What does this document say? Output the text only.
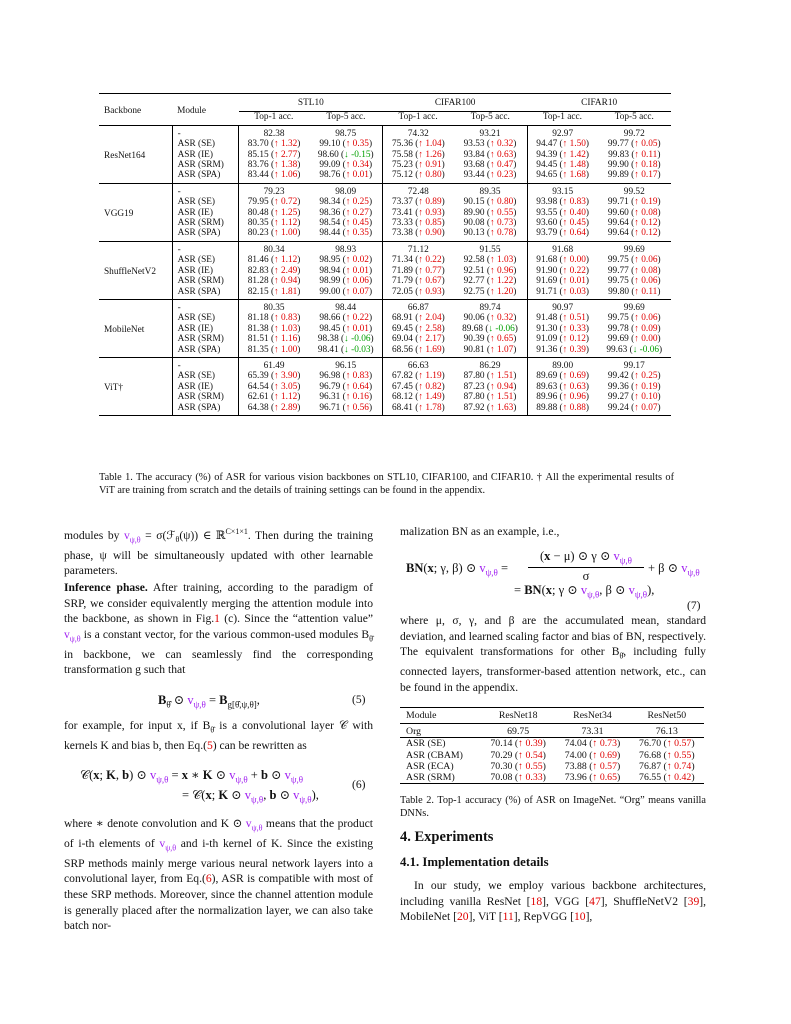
Backbone	Module	STL10		CIFAR100		CIFAR10	
		Top-1 acc.	Top-5 acc.	Top-1 acc.	Top-5 acc.	Top-1 acc.	Top-5 acc.
ResNet164	-	82.38	98.75	74.32	93.21	92.97	99.72
	ASR (SE)	83.70 (↑ 1.32)	99.10 (↑ 0.35)	75.36 (↑ 1.04)	93.53 (↑ 0.32)	94.47 (↑ 1.50)	99.77 (↑ 0.05)
	ASR (IE)	85.15 (↑ 2.77)	98.60 (↓ -0.15)	75.58 (↑ 1.26)	93.84 (↑ 0.63)	94.39 (↑ 1.42)	99.83 (↑ 0.11)
	ASR (SRM)	83.76 (↑ 1.38)	99.09 (↑ 0.34)	75.23 (↑ 0.91)	93.68 (↑ 0.47)	94.45 (↑ 1.48)	99.90 (↑ 0.18)
	ASR (SPA)	83.44 (↑ 1.06)	98.76 (↑ 0.01)	75.12 (↑ 0.80)	93.44 (↑ 0.23)	94.65 (↑ 1.68)	99.89 (↑ 0.17)
VGG19	-	79.23	98.09	72.48	89.35	93.15	99.52
	ASR (SE)	79.95 (↑ 0.72)	98.34 (↑ 0.25)	73.37 (↑ 0.89)	90.15 (↑ 0.80)	93.98 (↑ 0.83)	99.71 (↑ 0.19)
	ASR (IE)	80.48 (↑ 1.25)	98.36 (↑ 0.27)	73.41 (↑ 0.93)	89.90 (↑ 0.55)	93.55 (↑ 0.40)	99.60 (↑ 0.08)
	ASR (SRM)	80.35 (↑ 1.12)	98.54 (↑ 0.45)	73.33 (↑ 0.85)	90.08 (↑ 0.73)	93.60 (↑ 0.45)	99.64 (↑ 0.12)
	ASR (SPA)	80.23 (↑ 1.00)	98.44 (↑ 0.35)	73.38 (↑ 0.90)	90.13 (↑ 0.78)	93.79 (↑ 0.64)	99.64 (↑ 0.12)
ShuffleNetV2	-	80.34	98.93	71.12	91.55	91.68	99.69
	ASR (SE)	81.46 (↑ 1.12)	98.95 (↑ 0.02)	71.34 (↑ 0.22)	92.58 (↑ 1.03)	91.68 (↑ 0.00)	99.75 (↑ 0.06)
	ASR (IE)	82.83 (↑ 2.49)	98.94 (↑ 0.01)	71.89 (↑ 0.77)	92.51 (↑ 0.96)	91.90 (↑ 0.22)	99.77 (↑ 0.08)
	ASR (SRM)	81.28 (↑ 0.94)	98.99 (↑ 0.06)	71.79 (↑ 0.67)	92.77 (↑ 1.22)	91.69 (↑ 0.01)	99.75 (↑ 0.06)
	ASR (SPA)	82.15 (↑ 1.81)	99.00 (↑ 0.07)	72.05 (↑ 0.93)	92.75 (↑ 1.20)	91.71 (↑ 0.03)	99.80 (↑ 0.11)
MobileNet	-	80.35	98.44	66.87	89.74	90.97	99.69
	ASR (SE)	81.18 (↑ 0.83)	98.66 (↑ 0.22)	68.91 (↑ 2.04)	90.06 (↑ 0.32)	91.48 (↑ 0.51)	99.75 (↑ 0.06)
	ASR (IE)	81.38 (↑ 1.03)	98.45 (↑ 0.01)	69.45 (↑ 2.58)	89.68 (↓ -0.06)	91.30 (↑ 0.33)	99.78 (↑ 0.09)
	ASR (SRM)	81.51 (↑ 1.16)	98.38 (↓ -0.06)	69.04 (↑ 2.17)	90.39 (↑ 0.65)	91.09 (↑ 0.12)	99.69 (↑ 0.00)
	ASR (SPA)	81.35 (↑ 1.00)	98.41 (↓ -0.03)	68.56 (↑ 1.69)	90.81 (↑ 1.07)	91.36 (↑ 0.39)	99.63 (↓ -0.06)
ViT†	-	61.49	96.15	66.63	86.29	89.00	99.17
	ASR (SE)	65.39 (↑ 3.90)	96.98 (↑ 0.83)	67.82 (↑ 1.19)	87.80 (↑ 1.51)	89.69 (↑ 0.69)	99.42 (↑ 0.25)
	ASR (IE)	64.54 (↑ 3.05)	96.79 (↑ 0.64)	67.45 (↑ 0.82)	87.23 (↑ 0.94)	89.63 (↑ 0.63)	99.36 (↑ 0.19)
	ASR (SRM)	62.61 (↑ 1.12)	96.31 (↑ 0.16)	68.12 (↑ 1.49)	87.80 (↑ 1.51)	89.96 (↑ 0.96)	99.27 (↑ 0.10)
	ASR (SPA)	64.38 (↑ 2.89)	96.71 (↑ 0.56)	68.41 (↑ 1.78)	87.92 (↑ 1.63)	89.88 (↑ 0.88)	99.24 (↑ 0.07)
Table 1. The accuracy (%) of ASR for various vision backbones on STL10, CIFAR100, and CIFAR10. † All the experimental results of ViT are training from scratch and the details of training settings can be found in the appendix.
modules by $v_{\psi,\theta}$ = σ(ℱ$_\theta$(ψ)) ∈ ℝ$^{C\times 1\times 1}$. Then during the training phase, ψ will be simultaneously updated with other learnable parameters.
Inference phase. After training, according to the paradigm of SRP, we consider equivalently merging the attention module into the backbone, as shown in Fig.1 (c). Since the “attention value” $v_{\psi,\theta}$ is a constant vector, for the various common-used modules $B_{\thetâ}$ in backbone, we can seamlessly find the corresponding transformation g such that
$B_{\thetâ}$ ⊙ $v_{\psi,\theta} = B_{g[\thetâ,\psi,\theta]}$,	(5)
for example, for input x, if $B_{\thetâ}$ is a convolutional layer 𝒞 with kernels K and bias b, then Eq.(5) can be rewritten as
𝒞(x; K, b) ⊙ $v_{\psi,\theta} = x$ ∗ K ⊙ $v_{\psi,\theta} + b$ ⊙ $v_{\psi,\theta}$
= 𝒞(x; K ⊙ $v_{\psi,\theta}$, b ⊙ $v_{\psi,\theta}$),
(6)
where ∗ denote convolution and K ⊙ $v_{\psi,\theta}$ means that the product of i-th elements of $v_{\psi,\theta}$ and i-th kernel of K. Since the existing SRP methods mainly merge various neural network layers into a convolutional layer, from Eq.(6), ASR is compatible with most of these SRP methods. Moreover, since the channel attention module is generally placed after the normalization layer, we can also take batch nor-
malization BN as an example, i.e.,
BN(x; γ, β) ⊙ $v_{\psi,\theta}$ =
(x − μ) ⊙ γ ⊙ $v_{\psi,\theta}$
σ
+ β ⊙ $v_{\psi,\theta}$
= BN(x; γ ⊙ $v_{\psi,\theta}$, β ⊙ $v_{\psi,\theta}$),
(7)
where μ, σ, γ, and β are the accumulated mean, standard deviation, and learned scaling factor and bias of BN, respectively. The equivalent transformations for other $B_{\thetâ}$, including fully connected layers, transformer-based attention network, etc., can be found in the appendix.
Module	ResNet18	ResNet34	ResNet50
Org	69.75	73.31	76.13
ASR (SE)	70.14 (↑ 0.39)	74.04 (↑ 0.73)	76.70 (↑ 0.57)
ASR (CBAM)	70.29 (↑ 0.54)	74.00 (↑ 0.69)	76.68 (↑ 0.55)
ASR (ECA)	70.30 (↑ 0.55)	73.88 (↑ 0.57)	76.87 (↑ 0.74)
ASR (SRM)	70.08 (↑ 0.33)	73.96 (↑ 0.65)	76.55 (↑ 0.42)
Table 2. Top-1 accuracy (%) of ASR on ImageNet. “Org” means vanilla DNNs.
4. Experiments
4.1. Implementation details
In our study, we employ various backbone architectures, including vanilla ResNet [18], VGG [47], ShuffleNetV2 [39], MobileNet [20], ViT [11], RepVGG [10],
